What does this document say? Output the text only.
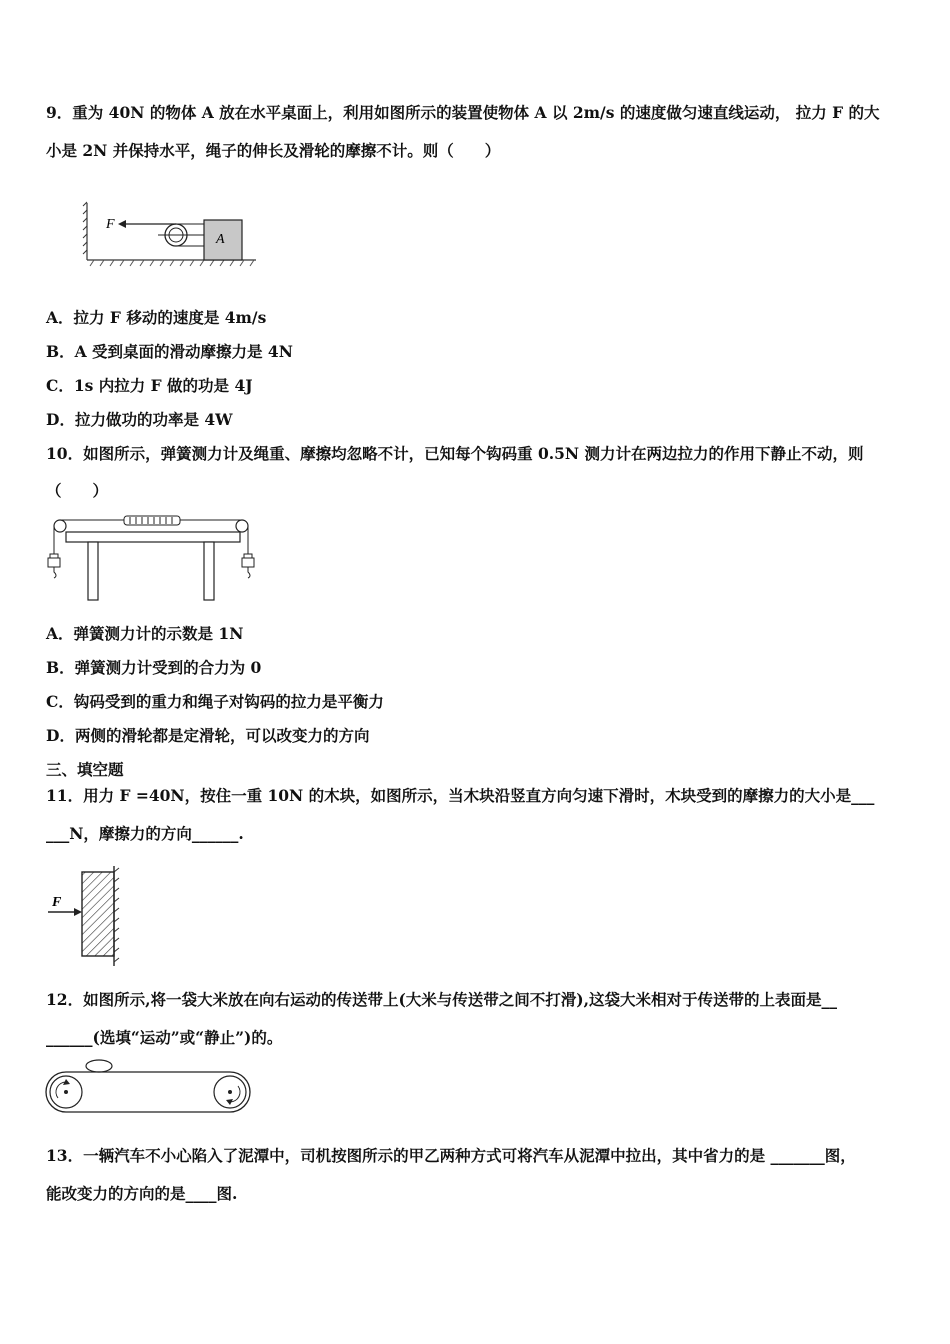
9．重为 40N 的物体 A 放在水平桌面上，利用如图所示的装置使物体 A 以 2m/s 的速度做匀速直线运动， 拉力 F 的大
小是 2N 并保持水平，绳子的伸长及滑轮的摩擦不计。则（　　）
F
A
A．拉力 F 移动的速度是 4m/s
B．A 受到桌面的滑动摩擦力是 4N
C．1s 内拉力 F 做的功是 4J
D．拉力做功的功率是 4W
10．如图所示，弹簧测力计及绳重、摩擦均忽略不计，已知每个钩码重 0.5N 测力计在两边拉力的作用下静止不动，则
（　　）
A．弹簧测力计的示数是 1N
B．弹簧测力计受到的合力为 0
C．钩码受到的重力和绳子对钩码的拉力是平衡力
D．两侧的滑轮都是定滑轮，可以改变力的方向
三、填空题
11．用力 F =40N，按住一重 10N 的木块，如图所示，当木块沿竖直方向匀速下滑时，木块受到的摩擦力的大小是___
___N，摩擦力的方向______.
F
12．如图所示,将一袋大米放在向右运动的传送带上(大米与传送带之间不打滑),这袋大米相对于传送带的上表面是__
______(选填“运动”或“静止”)的。
13．一辆汽车不小心陷入了泥潭中，司机按图所示的甲乙两种方式可将汽车从泥潭中拉出，其中省力的是 _______图，
能改变力的方向的是____图.
